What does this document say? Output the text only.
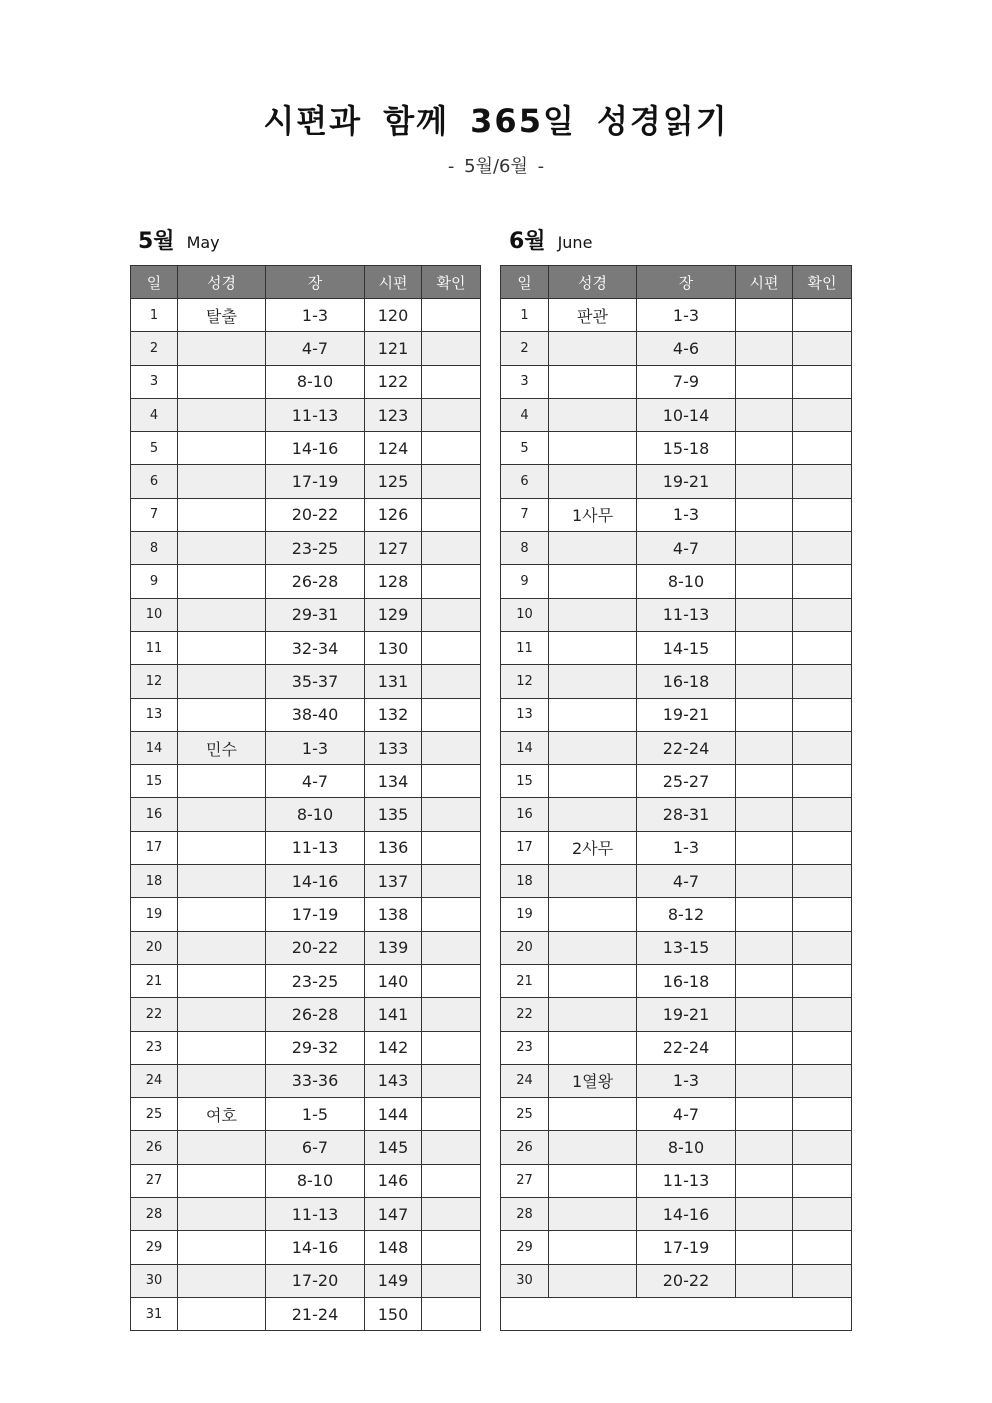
시편과 함께 365일 성경읽기
- 5월/6월 -
5월 May	6월 June
일	성경	장	시편	확인
1	탈출	1-3	120	
2		4-7	121	
3		8-10	122	
4		11-13	123	
5		14-16	124	
6		17-19	125	
7		20-22	126	
8		23-25	127	
9		26-28	128	
10		29-31	129	
11		32-34	130	
12		35-37	131	
13		38-40	132	
14	민수	1-3	133	
15		4-7	134	
16		8-10	135	
17		11-13	136	
18		14-16	137	
19		17-19	138	
20		20-22	139	
21		23-25	140	
22		26-28	141	
23		29-32	142	
24		33-36	143	
25	여호	1-5	144	
26		6-7	145	
27		8-10	146	
28		11-13	147	
29		14-16	148	
30		17-20	149	
31		21-24	150	
일	성경	장	시편	확인
1	판관	1-3		
2		4-6		
3		7-9		
4		10-14		
5		15-18		
6		19-21		
7	1사무	1-3		
8		4-7		
9		8-10		
10		11-13		
11		14-15		
12		16-18		
13		19-21		
14		22-24		
15		25-27		
16		28-31		
17	2사무	1-3		
18		4-7		
19		8-12		
20		13-15		
21		16-18		
22		19-21		
23		22-24		
24	1열왕	1-3		
25		4-7		
26		8-10		
27		11-13		
28		14-16		
29		17-19		
30		20-22		
